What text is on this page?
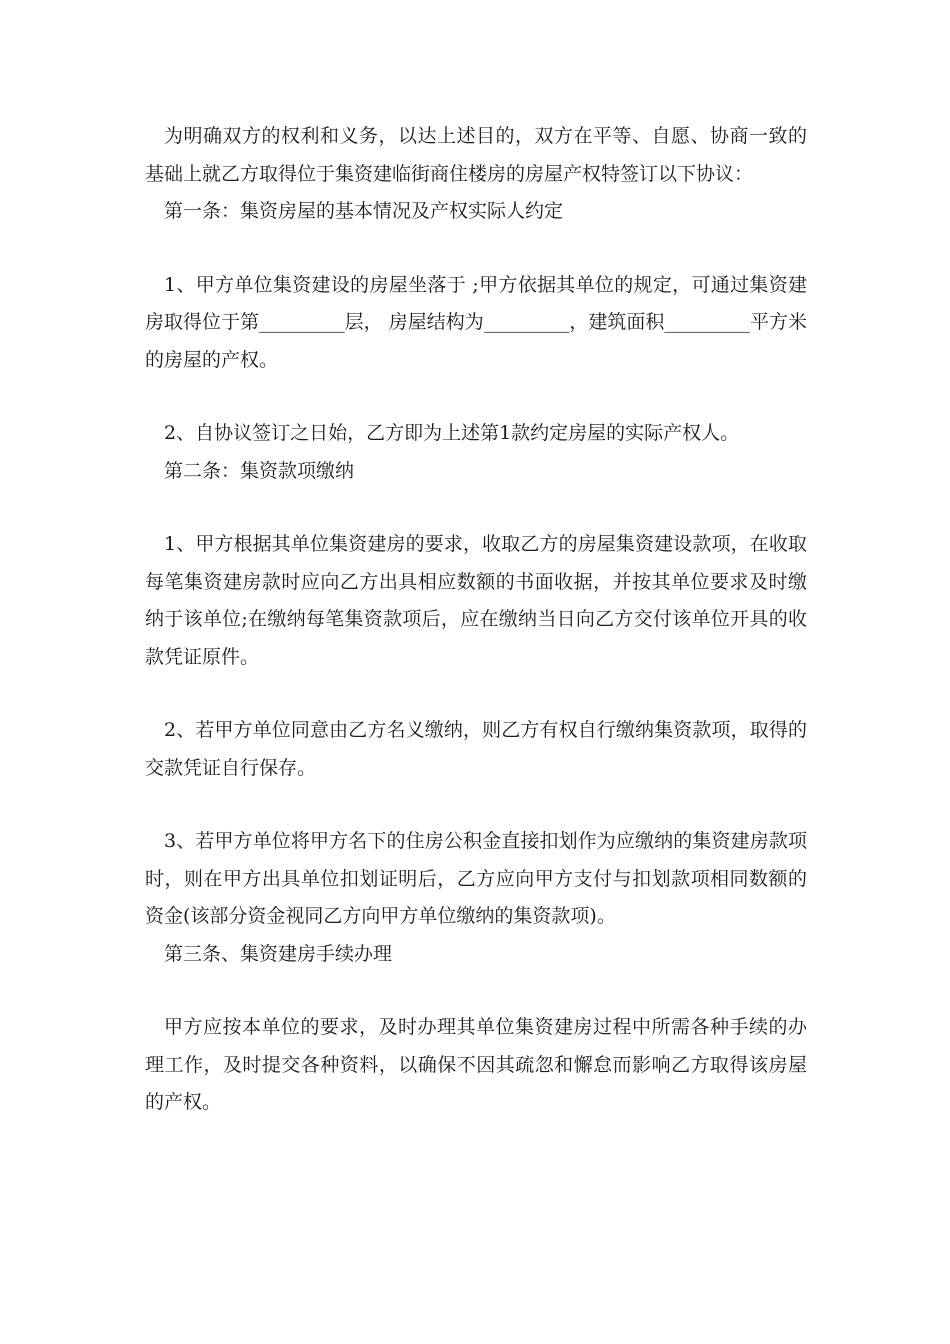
为明确双方的权利和义务，以达上述目的，双方在平等、自愿、协商一致的基础上就乙方取得位于集资建临街商住楼房的房屋产权特签订以下协议：

第一条：集资房屋的基本情况及产权实际人约定

1、甲方单位集资建设的房屋坐落于 ;甲方依据其单位的规定，可通过集资建房取得位于第_________层， 房屋结构为_________，建筑面积_________平方米的房屋的产权。

2、自协议签订之日始，乙方即为上述第1款约定房屋的实际产权人。

第二条：集资款项缴纳

1、甲方根据其单位集资建房的要求，收取乙方的房屋集资建设款项，在收取每笔集资建房款时应向乙方出具相应数额的书面收据，并按其单位要求及时缴纳于该单位;在缴纳每笔集资款项后，应在缴纳当日向乙方交付该单位开具的收款凭证原件。

2、若甲方单位同意由乙方名义缴纳，则乙方有权自行缴纳集资款项，取得的交款凭证自行保存。

3、若甲方单位将甲方名下的住房公积金直接扣划作为应缴纳的集资建房款项时，则在甲方出具单位扣划证明后，乙方应向甲方支付与扣划款项相同数额的资金(该部分资金视同乙方向甲方单位缴纳的集资款项)。

第三条、集资建房手续办理

甲方应按本单位的要求，及时办理其单位集资建房过程中所需各种手续的办理工作，及时提交各种资料，以确保不因其疏忽和懈怠而影响乙方取得该房屋的产权。
